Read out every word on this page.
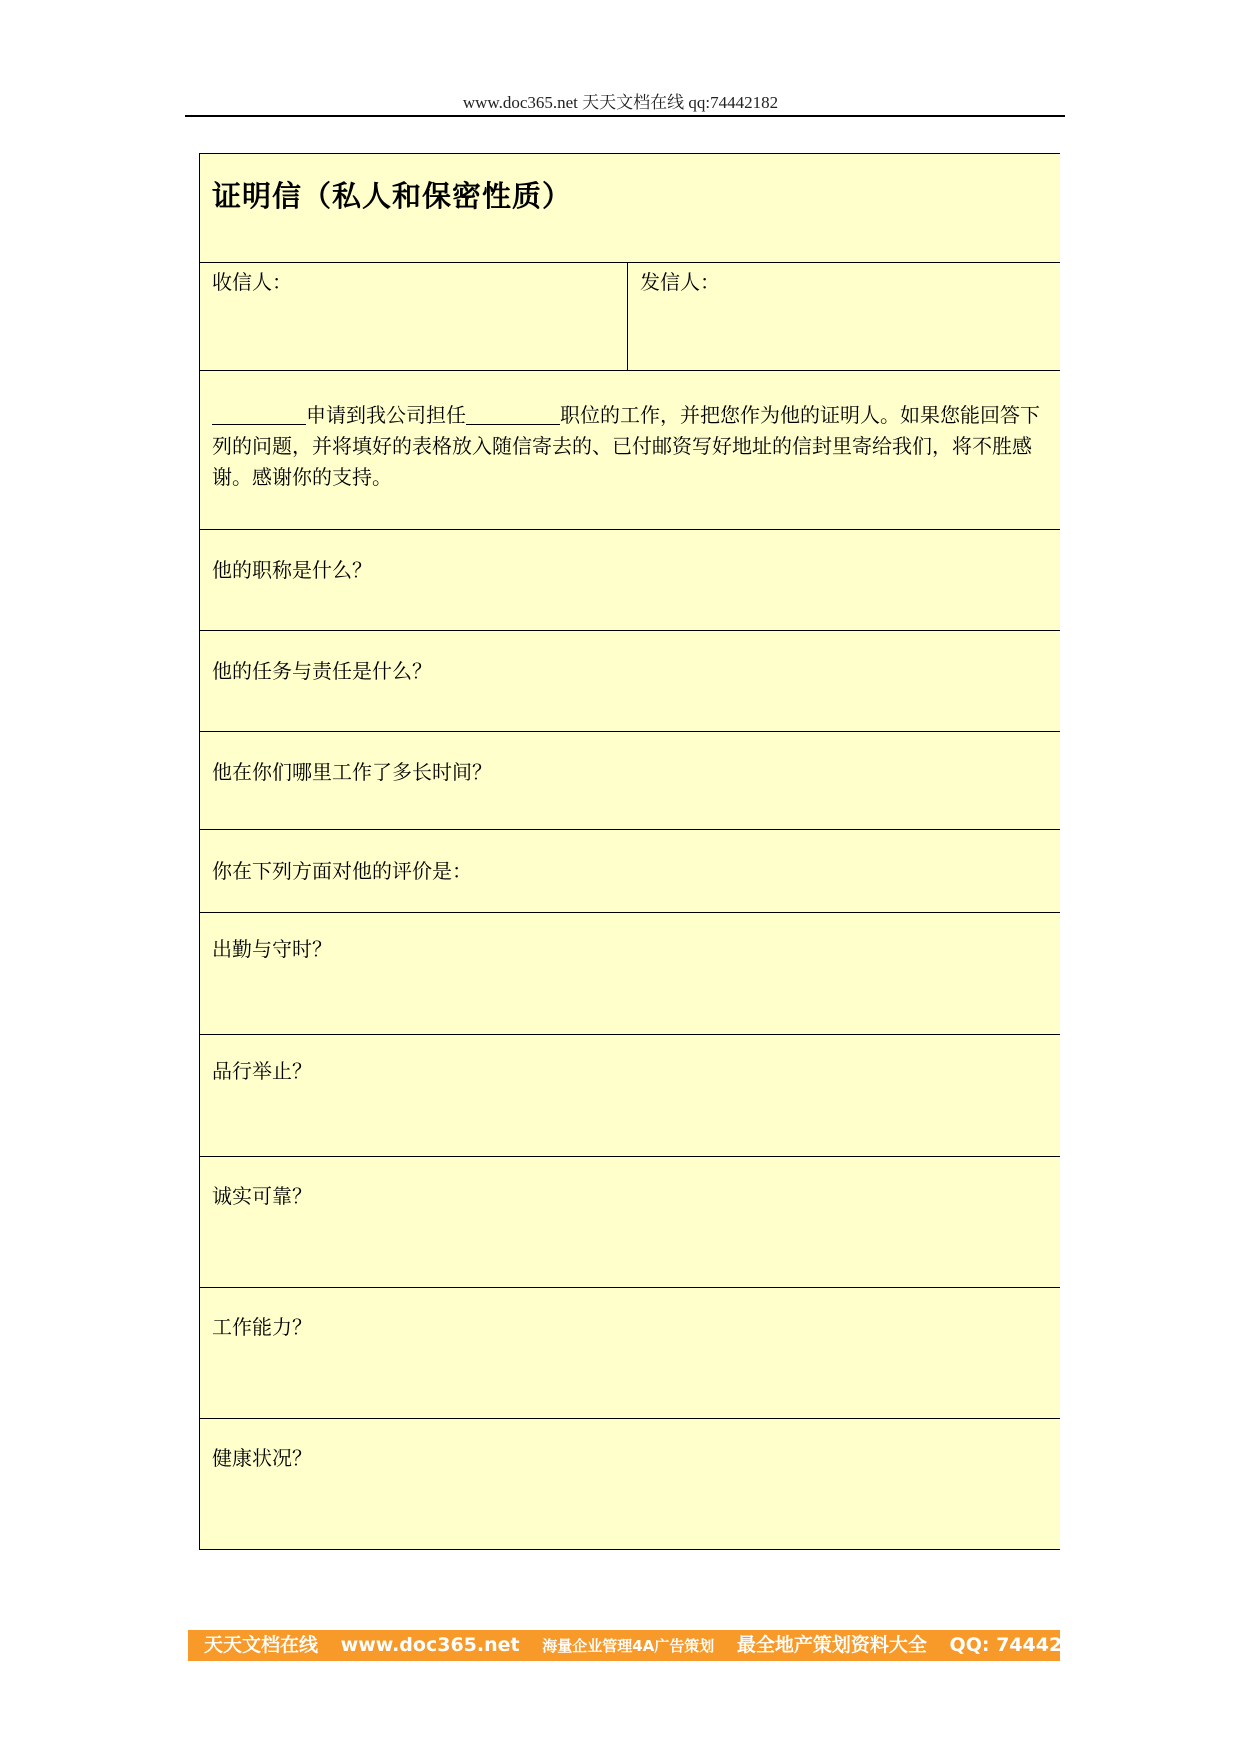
www.doc365.net 天天文档在线 qq:74442182
证明信（私人和保密性质）
收信人：	发信人：
申请到我公司担任	职位的工作，并把您作为他的证明人。如果您能回答下列的问题，并将填好的表格放入随信寄去的、已付邮资写好地址的信封里寄给我们，将不胜感谢。感谢你的支持。
他的职称是什么？
他的任务与责任是什么？
他在你们哪里工作了多长时间？
你在下列方面对他的评价是：
出勤与守时？
品行举止？
诚实可靠？
工作能力？
健康状况？
天天文档在线 www.doc365.net 海量企业管理4A广告策划 最全地产策划资料大全 QQ: 744421982
